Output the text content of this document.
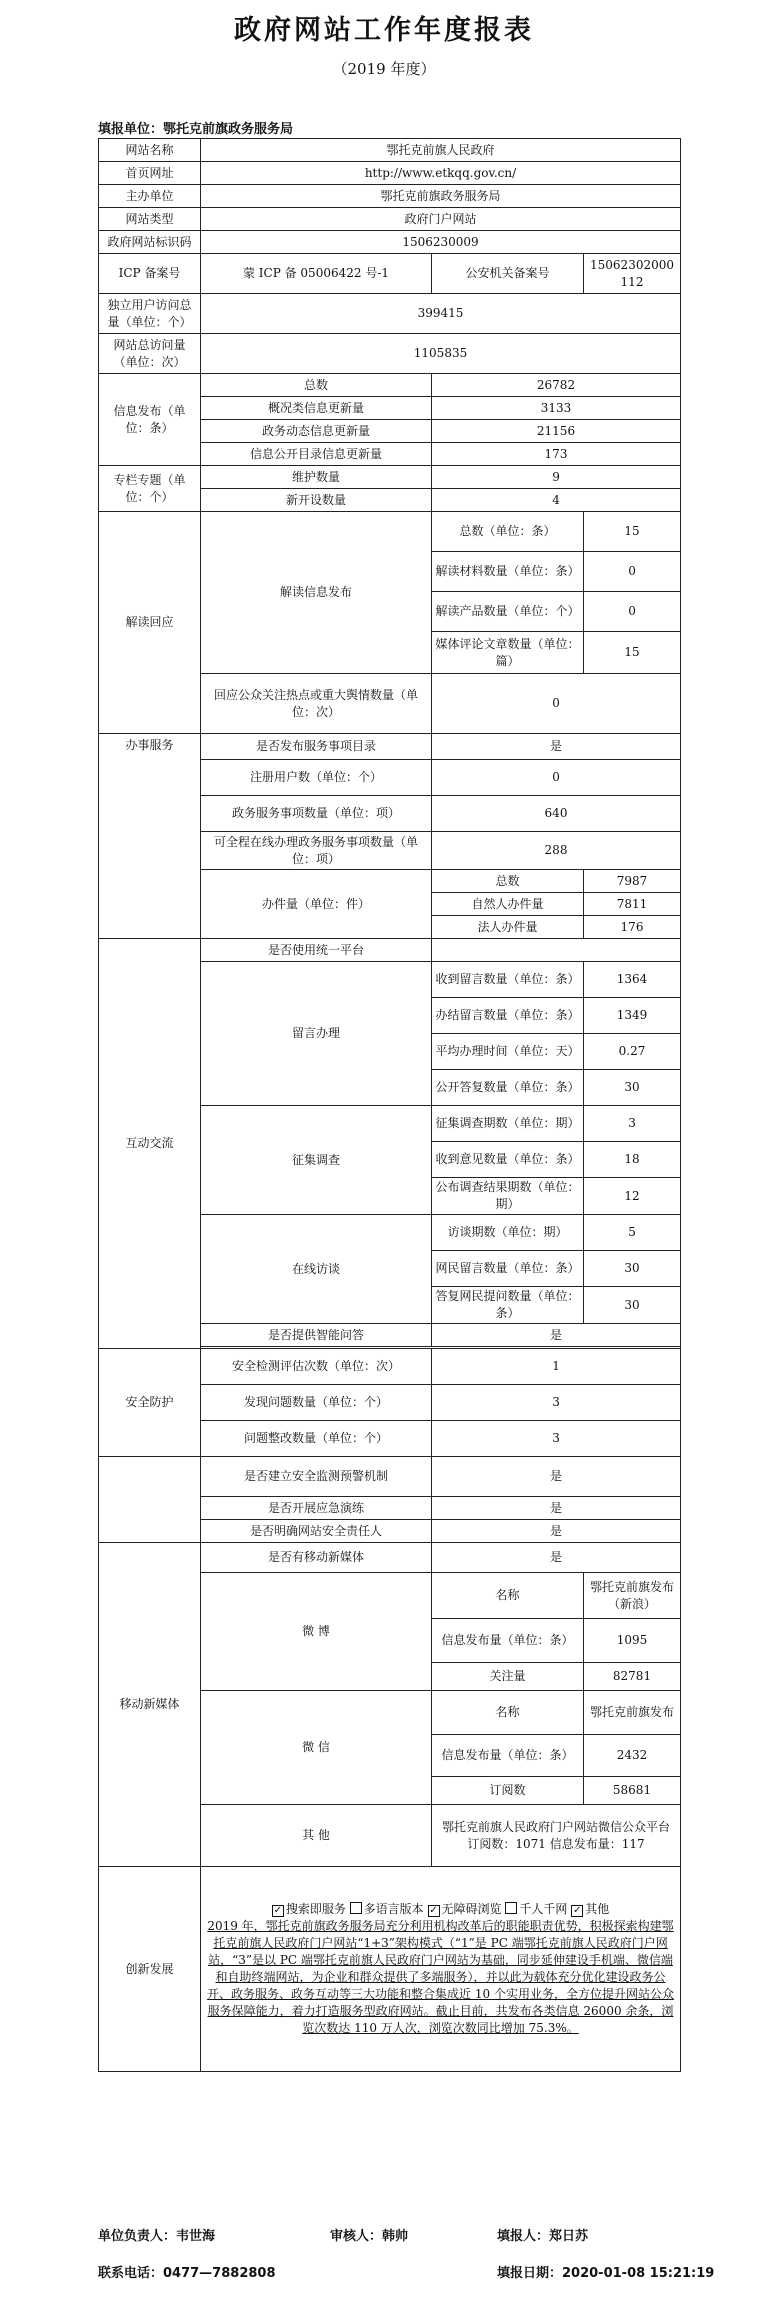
政府网站工作年度报表
（2019 年度）
填报单位：鄂托克前旗政务服务局
网站名称	鄂托克前旗人民政府		
首页网址	http://www.etkqq.gov.cn/		
主办单位	鄂托克前旗政务服务局		
网站类型	政府门户网站		
政府网站标识码	1506230009		
ICP 备案号	蒙 ICP 备 05006422 号-1	公安机关备案号	15062302000112
独立用户访问总量（单位：个）	399415		
网站总访问量（单位：次）	1105835		
信息发布（单位：条）	总数	26782	
	概况类信息更新量	3133	
	政务动态信息更新量	21156	
	信息公开目录信息更新量	173	
专栏专题（单位：个）	维护数量	9	
	新开设数量	4	
解读回应	解读信息发布	总数（单位：条）	15
		解读材料数量（单位：条）	0
		解读产品数量（单位：个）	0
		媒体评论文章数量（单位：篇）	15
	回应公众关注热点或重大舆情数量（单位：次）	0	
办事服务	是否发布服务事项目录	是	
	注册用户数（单位：个）	0	
	政务服务事项数量（单位：项）	640	
	可全程在线办理政务服务事项数量（单位：项）	288	
	办件量（单位：件）	总数	7987
		自然人办件量	7811
		法人办件量	176
互动交流	是否使用统一平台		
	留言办理	收到留言数量（单位：条）	1364
		办结留言数量（单位：条）	1349
		平均办理时间（单位：天）	0.27
		公开答复数量（单位：条）	30
	征集调查	征集调查期数（单位：期）	3
		收到意见数量（单位：条）	18
		公布调查结果期数（单位：期）	12
	在线访谈	访谈期数（单位：期）	5
		网民留言数量（单位：条）	30
		答复网民提问数量（单位：条）	30
	是否提供智能问答	是	

安全防护	安全检测评估次数（单位：次）	1	
	发现问题数量（单位：个）	3	
	问题整改数量（单位：个）	3	
	是否建立安全监测预警机制	是	
	是否开展应急演练	是	
	是否明确网站安全责任人	是	
移动新媒体	是否有移动新媒体	是	
	微 博	名称	鄂托克前旗发布（新浪）
		信息发布量（单位：条）	1095
		关注量	82781
	微 信	名称	鄂托克前旗发布
		信息发布量（单位：条）	2432
		订阅数	58681
	其 他	鄂托克前旗人民政府门户网站微信公众平台 订阅数：1071 信息发布量：117	
创新发展	✓ 搜索即服务 多语言版本 ✓ 无障碍浏览 千人千网 ✓ 其他
2019 年，鄂托克前旗政务服务局充分利用机构改革后的职能职责优势，积极探索构建鄂托克前旗人民政府门户网站“1+3”架构模式（“1”是 PC 端鄂托克前旗人民政府门户网站，“3”是以 PC 端鄂托克前旗人民政府门户网站为基础，同步延伸建设手机端、微信端和自助终端网站，为企业和群众提供了多端服务），并以此为载体充分优化建设政务公开、政务服务、政务互动等三大功能和整合集成近 10 个实用业务，全方位提升网站公众服务保障能力，着力打造服务型政府网站。截止目前，共发布各类信息 26000 余条，浏览次数达 110 万人次，浏览次数同比增加 75.3%。		
单位负责人：韦世海	审核人：韩帅	填报人：郑日苏
联系电话：0477—7882808	填报日期：2020-01-08 15:21:19
